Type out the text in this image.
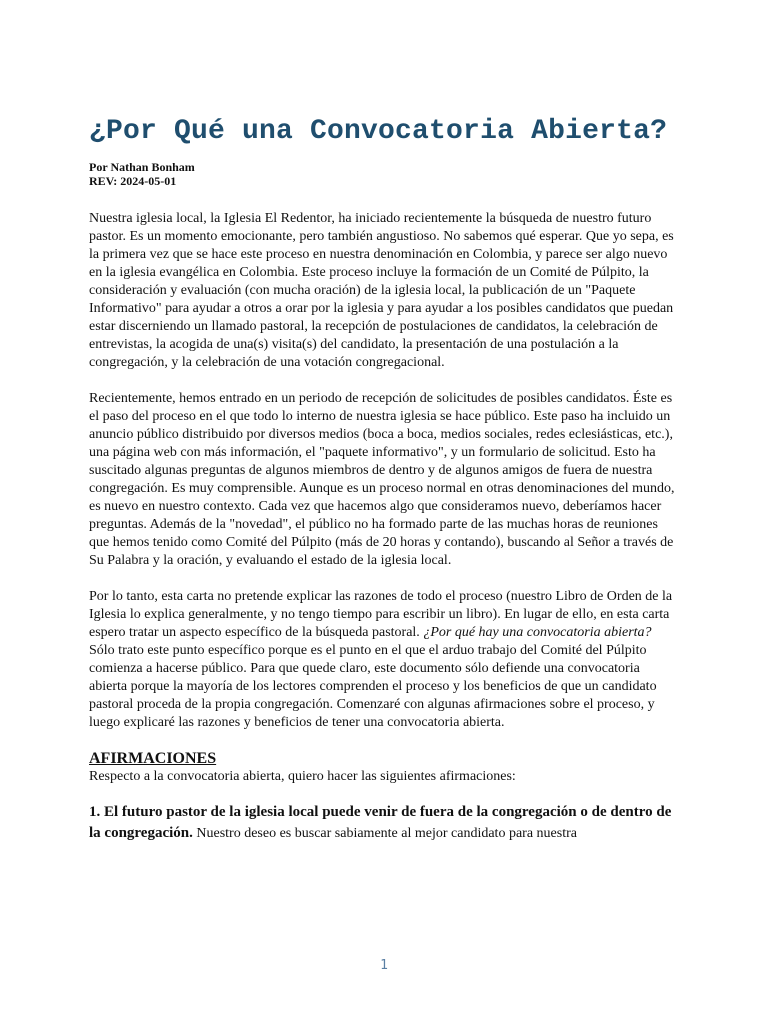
¿Por Qué una Convocatoria Abierta?

Por Nathan Bonham

REV: 2024-05-01

Nuestra iglesia local, la Iglesia El Redentor, ha iniciado recientemente la búsqueda de nuestro futuro pastor. Es un momento emocionante, pero también angustioso. No sabemos qué esperar. Que yo sepa, es la primera vez que se hace este proceso en nuestra denominación en Colombia, y parece ser algo nuevo en la iglesia evangélica en Colombia. Este proceso incluye la formación de un Comité de Púlpito, la consideración y evaluación (con mucha oración) de la iglesia local, la publicación de un "Paquete Informativo" para ayudar a otros a orar por la iglesia y para ayudar a los posibles candidatos que puedan estar discerniendo un llamado pastoral, la recepción de postulaciones de candidatos, la celebración de entrevistas, la acogida de una(s) visita(s) del candidato, la presentación de una postulación a la congregación, y la celebración de una votación congregacional.

Recientemente, hemos entrado en un periodo de recepción de solicitudes de posibles candidatos. Éste es el paso del proceso en el que todo lo interno de nuestra iglesia se hace público. Este paso ha incluido un anuncio público distribuido por diversos medios (boca a boca, medios sociales, redes eclesiásticas, etc.), una página web con más información, el "paquete informativo", y un formulario de solicitud. Esto ha suscitado algunas preguntas de algunos miembros de dentro y de algunos amigos de fuera de nuestra congregación. Es muy comprensible. Aunque es un proceso normal en otras denominaciones del mundo, es nuevo en nuestro contexto. Cada vez que hacemos algo que consideramos nuevo, deberíamos hacer preguntas. Además de la "novedad", el público no ha formado parte de las muchas horas de reuniones que hemos tenido como Comité del Púlpito (más de 20 horas y contando), buscando al Señor a través de Su Palabra y la oración, y evaluando el estado de la iglesia local.

Por lo tanto, esta carta no pretende explicar las razones de todo el proceso (nuestro Libro de Orden de la Iglesia lo explica generalmente, y no tengo tiempo para escribir un libro). En lugar de ello, en esta carta espero tratar un aspecto específico de la búsqueda pastoral. ¿Por qué hay una convocatoria abierta? Sólo trato este punto específico porque es el punto en el que el arduo trabajo del Comité del Púlpito comienza a hacerse público. Para que quede claro, este documento sólo defiende una convocatoria abierta porque la mayoría de los lectores comprenden el proceso y los beneficios de que un candidato pastoral proceda de la propia congregación. Comenzaré con algunas afirmaciones sobre el proceso, y luego explicaré las razones y beneficios de tener una convocatoria abierta.

AFIRMACIONES

Respecto a la convocatoria abierta, quiero hacer las siguientes afirmaciones:

1. El futuro pastor de la iglesia local puede venir de fuera de la congregación o de dentro de la congregación. Nuestro deseo es buscar sabiamente al mejor candidato para nuestra

1
